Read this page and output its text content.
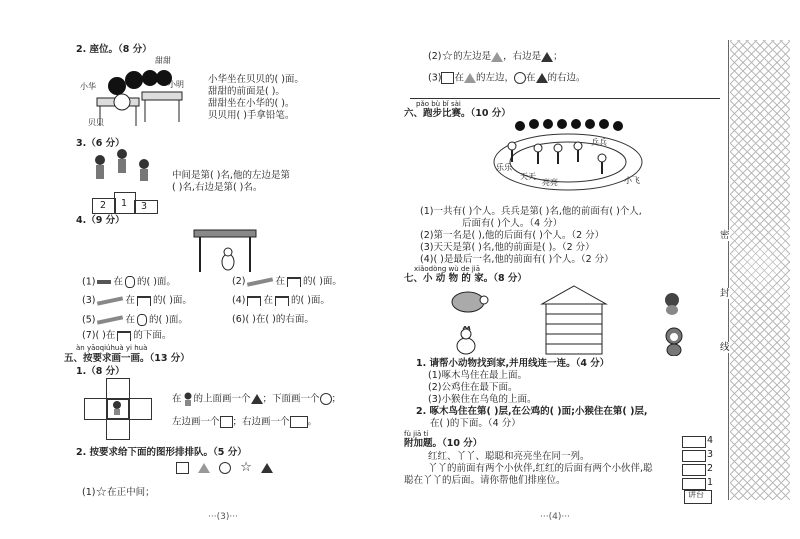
2. 座位。（8 分）
甜甜
小明
小华
贝贝
小华坐在贝贝的( )面。
甜甜的前面是( )。
甜甜坐在小华的( )。
贝贝用( )手拿铅笔。
3.（6 分）
2 1 3
中间是第( )名,他的左边是第
( )名,右边是第( )名。
4.（9 分）
(1) 在 的( )面。	(2)	在 的( )面。
(3)	在 的( )面。	(4) 在 的( )面。
(5)	在 的( )面。	(6)( )在( )的右面。
(7)( )在 的下面。
àn yāoqiúhuà yi huà
五、按要求画一画。（13 分）
1.（8 分）
在 的上面画一个 ；下面画一个 ；
左边画一个 ；右边画一个 。
2. 按要求给下面的图形排排队。（5 分）
☆
(1)☆在正中间；
···(3)···
(2)☆的左边是 ，右边是 ；
(3) 在 的左边， 在 的右边。
pǎo bù bǐ sài
六、跑步比赛。（10 分）
兵兵
乐乐
天天
亮亮	小飞
(1)一共有( )个人。兵兵是第( )名,他的前面有( )个人,
后面有( )个人。（4 分）
(2)第一名是( ),他的后面有( )个人。（2 分）
(3)天天是第( )名,他的前面是( )。（2 分）
(4)( )是最后一名,他的前面有( )个人。（2 分）
xiǎodòng wù de jiā
七、小 动 物 的 家。（8 分）
1. 请帮小动物找到家,并用线连一连。（4 分）
(1)啄木鸟住在最上面。
(2)公鸡住在最下面。
(3)小猴住在乌龟的上面。
2. 啄木鸟住在第( )层,在公鸡的( )面;小猴住在第( )层,
在( )的下面。（4 分）
fù jiā tí
附加题。（10 分）
红红、丫丫、聪聪和亮亮坐在同一列。
丫丫的前面有两个小伙伴,红红的后面有两个小伙伴,聪
聪在丫丫的后面。请你帮他们排座位。
4
3
2
1
讲台
···(4)···
密
封
线
